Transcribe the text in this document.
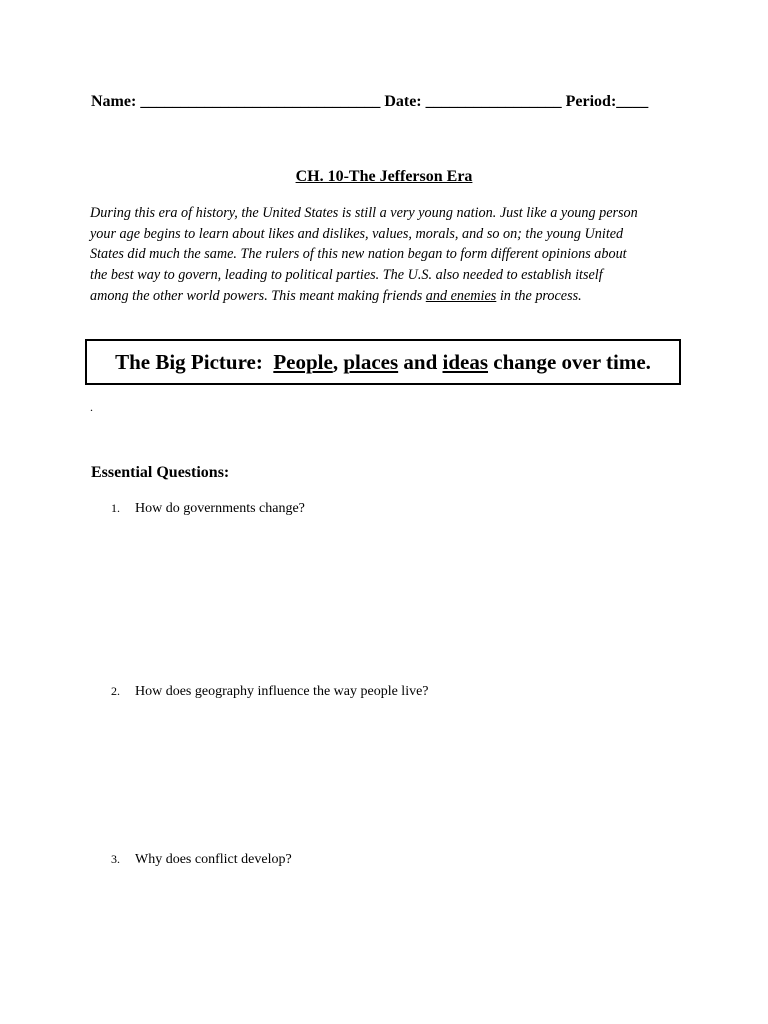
Name: ______________________________ Date: _________________ Period:____
CH. 10-The Jefferson Era
During this era of history, the United States is still a very young nation. Just like a young person
your age begins to learn about likes and dislikes, values, morals, and so on; the young United
States did much the same. The rulers of this new nation began to form different opinions about
the best way to govern, leading to political parties. The U.S. also needed to establish itself
among the other world powers. This meant making friends and enemies in the process.
The Big Picture:
People ,
places
and
ideas
change over time.
.
Essential Questions:
1. How do governments change?
2. How does geography influence the way people live?
3. Why does conflict develop?
